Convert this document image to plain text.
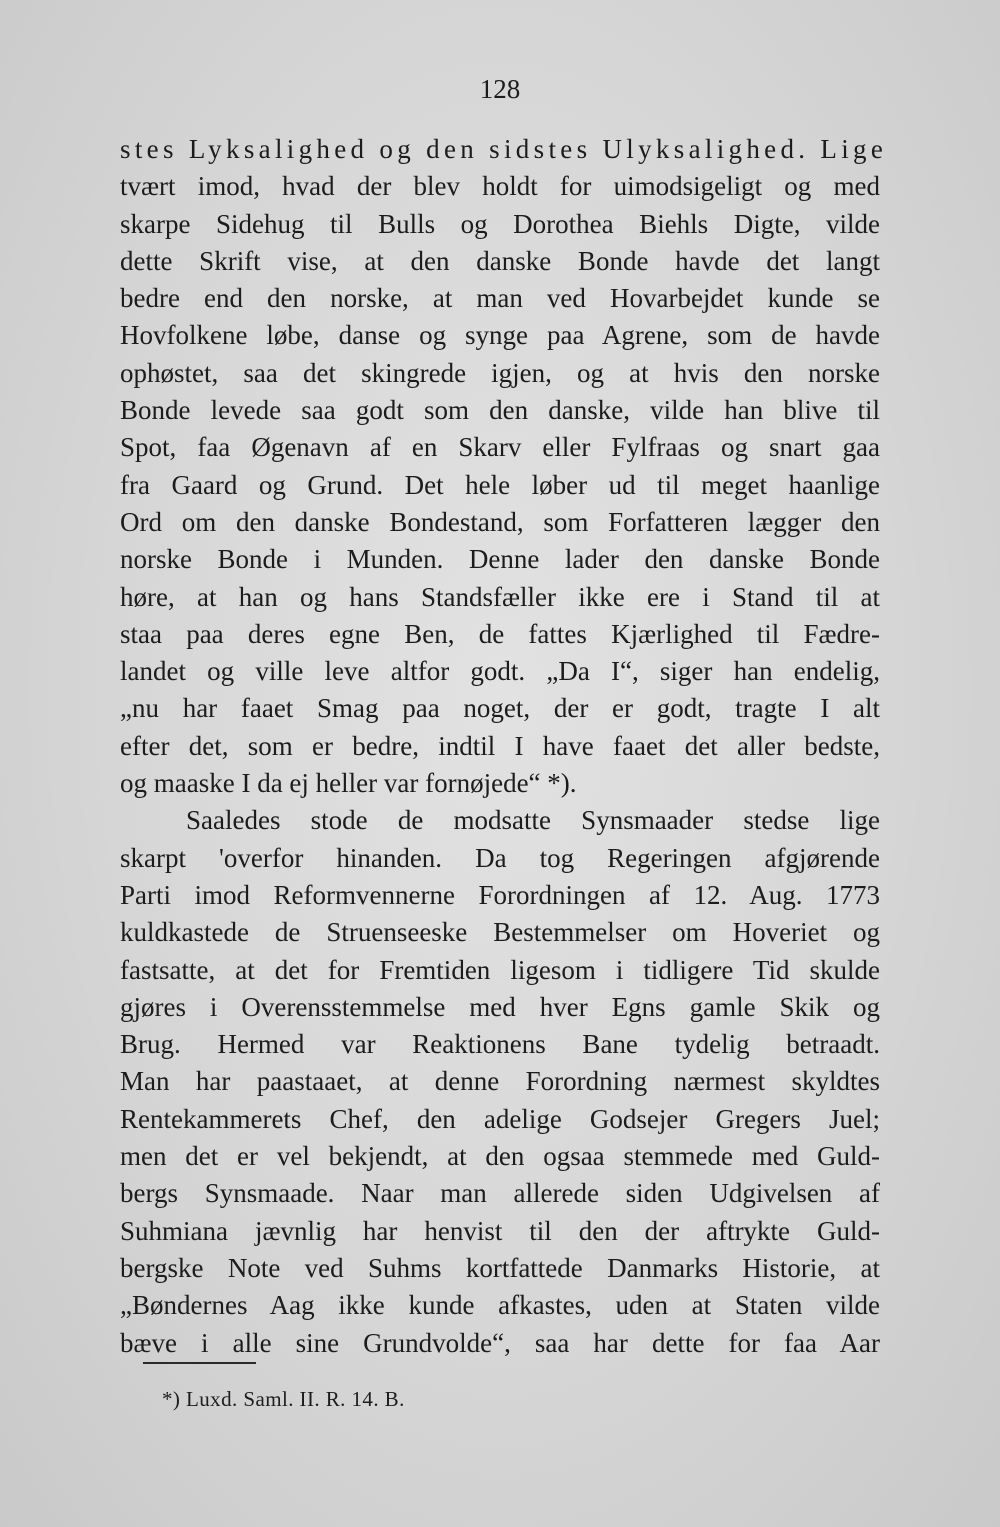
128
stes Lyksalighed og den sidstes Ulyksalighed. Lige
tvært imod, hvad der blev holdt for uimodsigeligt og med
skarpe Sidehug til Bulls og Dorothea Biehls Digte, vilde
dette Skrift vise, at den danske Bonde havde det langt
bedre end den norske, at man ved Hovarbejdet kunde se
Hovfolkene løbe, danse og synge paa Agrene, som de havde
ophøstet, saa det skingrede igjen, og at hvis den norske
Bonde levede saa godt som den danske, vilde han blive til
Spot, faa Øgenavn af en Skarv eller Fylfraas og snart gaa
fra Gaard og Grund. Det hele løber ud til meget haanlige
Ord om den danske Bondestand, som Forfatteren lægger den
norske Bonde i Munden. Denne lader den danske Bonde
høre, at han og hans Standsfæller ikke ere i Stand til at
staa paa deres egne Ben, de fattes Kjærlighed til Fædre-
landet og ville leve altfor godt. „Da I“, siger han endelig,
„nu har faaet Smag paa noget, der er godt, tragte I alt
efter det, som er bedre, indtil I have faaet det aller bedste,
og maaske I da ej heller var fornøjede“ *).
Saaledes stode de modsatte Synsmaader stedse lige
skarpt 'overfor hinanden. Da tog Regeringen afgjørende
Parti imod Reformvennerne Forordningen af 12. Aug. 1773
kuldkastede de Struenseeske Bestemmelser om Hoveriet og
fastsatte, at det for Fremtiden ligesom i tidligere Tid skulde
gjøres i Overensstemmelse med hver Egns gamle Skik og
Brug. Hermed var Reaktionens Bane tydelig betraadt.
Man har paastaaet, at denne Forordning nærmest skyldtes
Rentekammerets Chef, den adelige Godsejer Gregers Juel;
men det er vel bekjendt, at den ogsaa stemmede med Guld-
bergs Synsmaade. Naar man allerede siden Udgivelsen af
Suhmiana jævnlig har henvist til den der aftrykte Guld-
bergske Note ved Suhms kortfattede Danmarks Historie, at
„Bøndernes Aag ikke kunde afkastes, uden at Staten vilde
bæve i alle sine Grundvolde“, saa har dette for faa Aar
*) Luxd. Saml. II. R. 14. B.
